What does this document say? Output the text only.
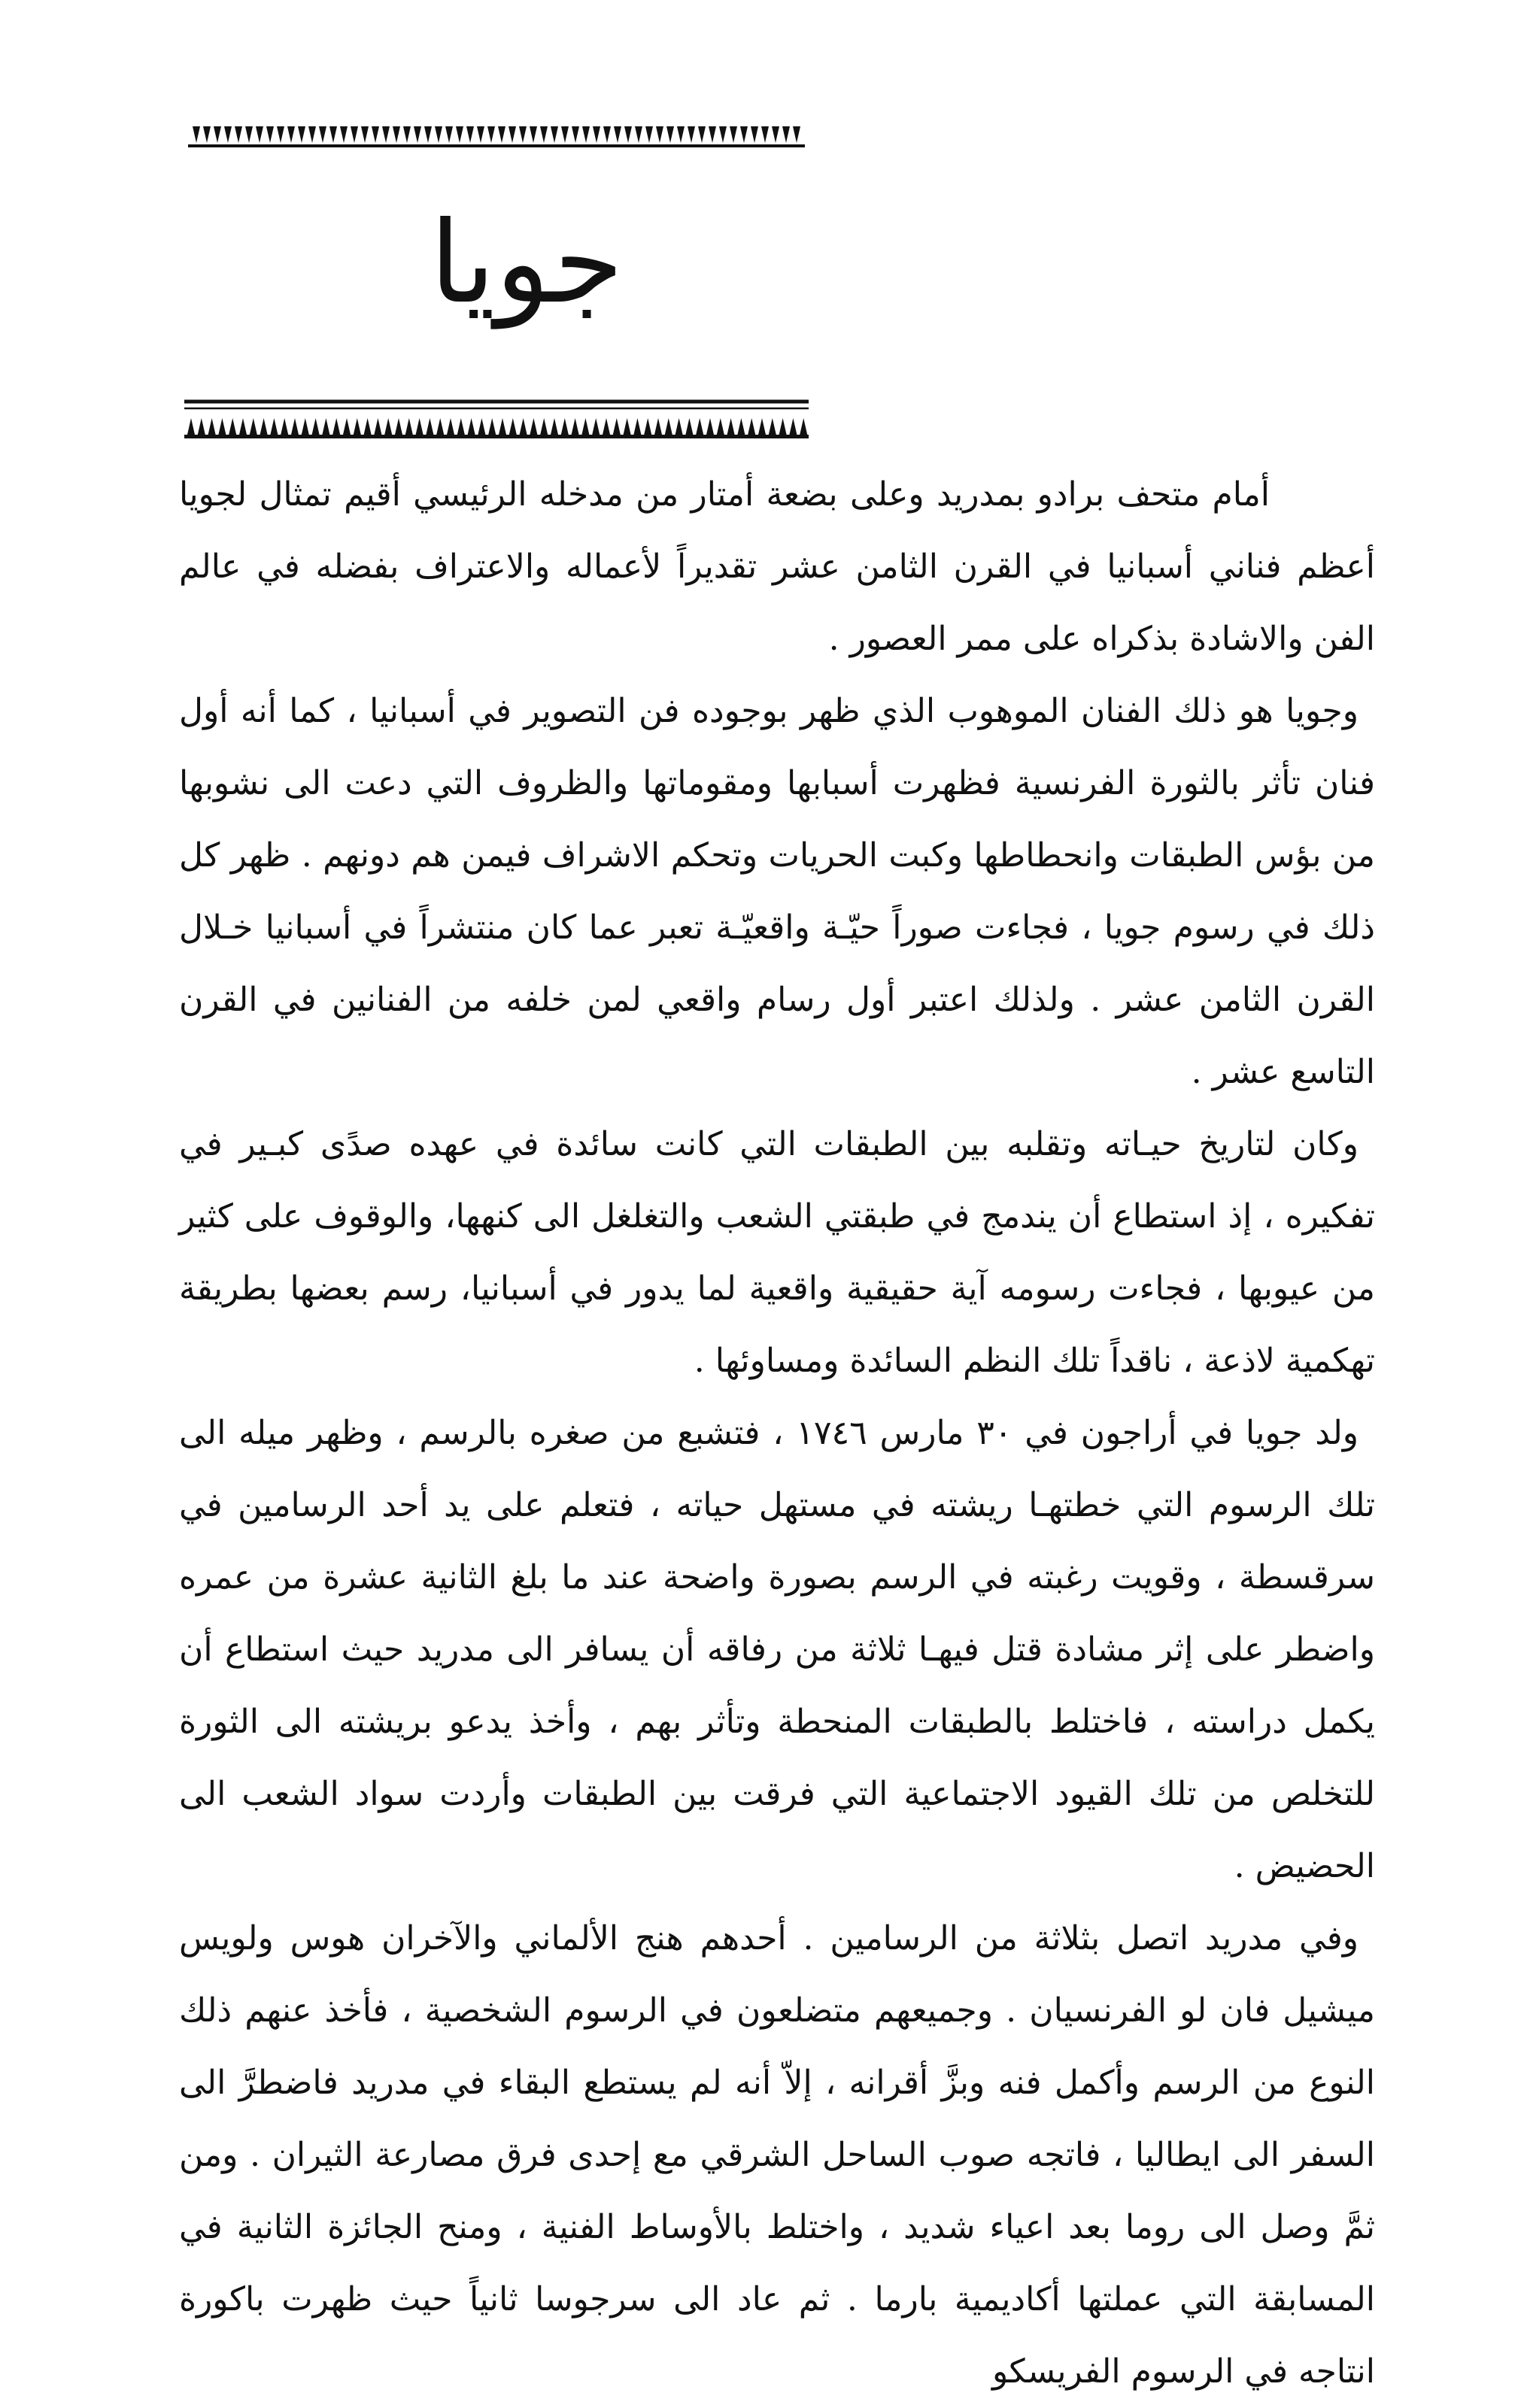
جويا

أمام متحف برادو بمدريد وعلى بضعة أمتار من مدخله الرئيسي أقيم تمثال لجويا أعظم فناني أسبانيا في القرن الثامن عشر تقديراً لأعماله والاعتراف بفضله في عالم الفن والاشادة بذكراه على ممر العصور .

وجويا هو ذلك الفنان الموهوب الذي ظهر بوجوده فن التصوير في أسبانيا ، كما أنه أول فنان تأثر بالثورة الفرنسية فظهرت أسبابها ومقوماتها والظروف التي دعت الى نشوبها من بؤس الطبقات وانحطاطها وكبت الحريات وتحكم الاشراف فيمن هم دونهم . ظهر كل ذلك في رسوم جويا ، فجاءت صوراً حيّـة واقعيّـة تعبر عما كان منتشراً في أسبانيا خـلال القرن الثامن عشر . ولذلك اعتبر أول رسام واقعي لمن خلفه من الفنانين في القرن التاسع عشر .

وكان لتاريخ حيـاته وتقلبه بين الطبقات التي كانت سائدة في عهده صدًى كبـير في تفكيره ، إذ استطاع أن يندمج في طبقتي الشعب والتغلغل الى كنهها، والوقوف على كثير من عيوبها ، فجاءت رسومه آية حقيقية واقعية لما يدور في أسبانيا، رسم بعضها بطريقة تهكمية لاذعة ، ناقداً تلك النظم السائدة ومساوئها .

ولد جويا في أراجون في ٣٠ مارس ١٧٤٦ ، فتشبع من صغره بالرسم ، وظهر ميله الى تلك الرسوم التي خطتهـا ريشته في مستهل حياته ، فتعلم على يد أحد الرسامين في سرقسطة ، وقويت رغبته في الرسم بصورة واضحة عند ما بلغ الثانية عشرة من عمره واضطر على إثر مشادة قتل فيهـا ثلاثة من رفاقه أن يسافر الى مدريد حيث استطاع أن يكمل دراسته ، فاختلط بالطبقات المنحطة وتأثر بهم ، وأخذ يدعو بريشته الى الثورة للتخلص من تلك القيود الاجتماعية التي فرقت بين الطبقات وأردت سواد الشعب الى الحضيض .

وفي مدريد اتصل بثلاثة من الرسامين . أحدهم هنج الألماني والآخران هوس ولويس ميشيل فان لو الفرنسيان . وجميعهم متضلعون في الرسوم الشخصية ، فأخذ عنهم ذلك النوع من الرسم وأكمل فنه وبزَّ أقرانه ، إلاّ أنه لم يستطع البقاء في مدريد فاضطرَّ الى السفر الى ايطاليا ، فاتجه صوب الساحل الشرقي مع إحدى فرق مصارعة الثيران . ومن ثمَّ وصل الى روما بعد اعياء شديد ، واختلط بالأوساط الفنية ، ومنح الجائزة الثانية في المسابقة التي عملتها أكاديمية بارما . ثم عاد الى سرجوسا ثانياً حيث ظهرت باكورة انتاجه في الرسوم الفريسكو
